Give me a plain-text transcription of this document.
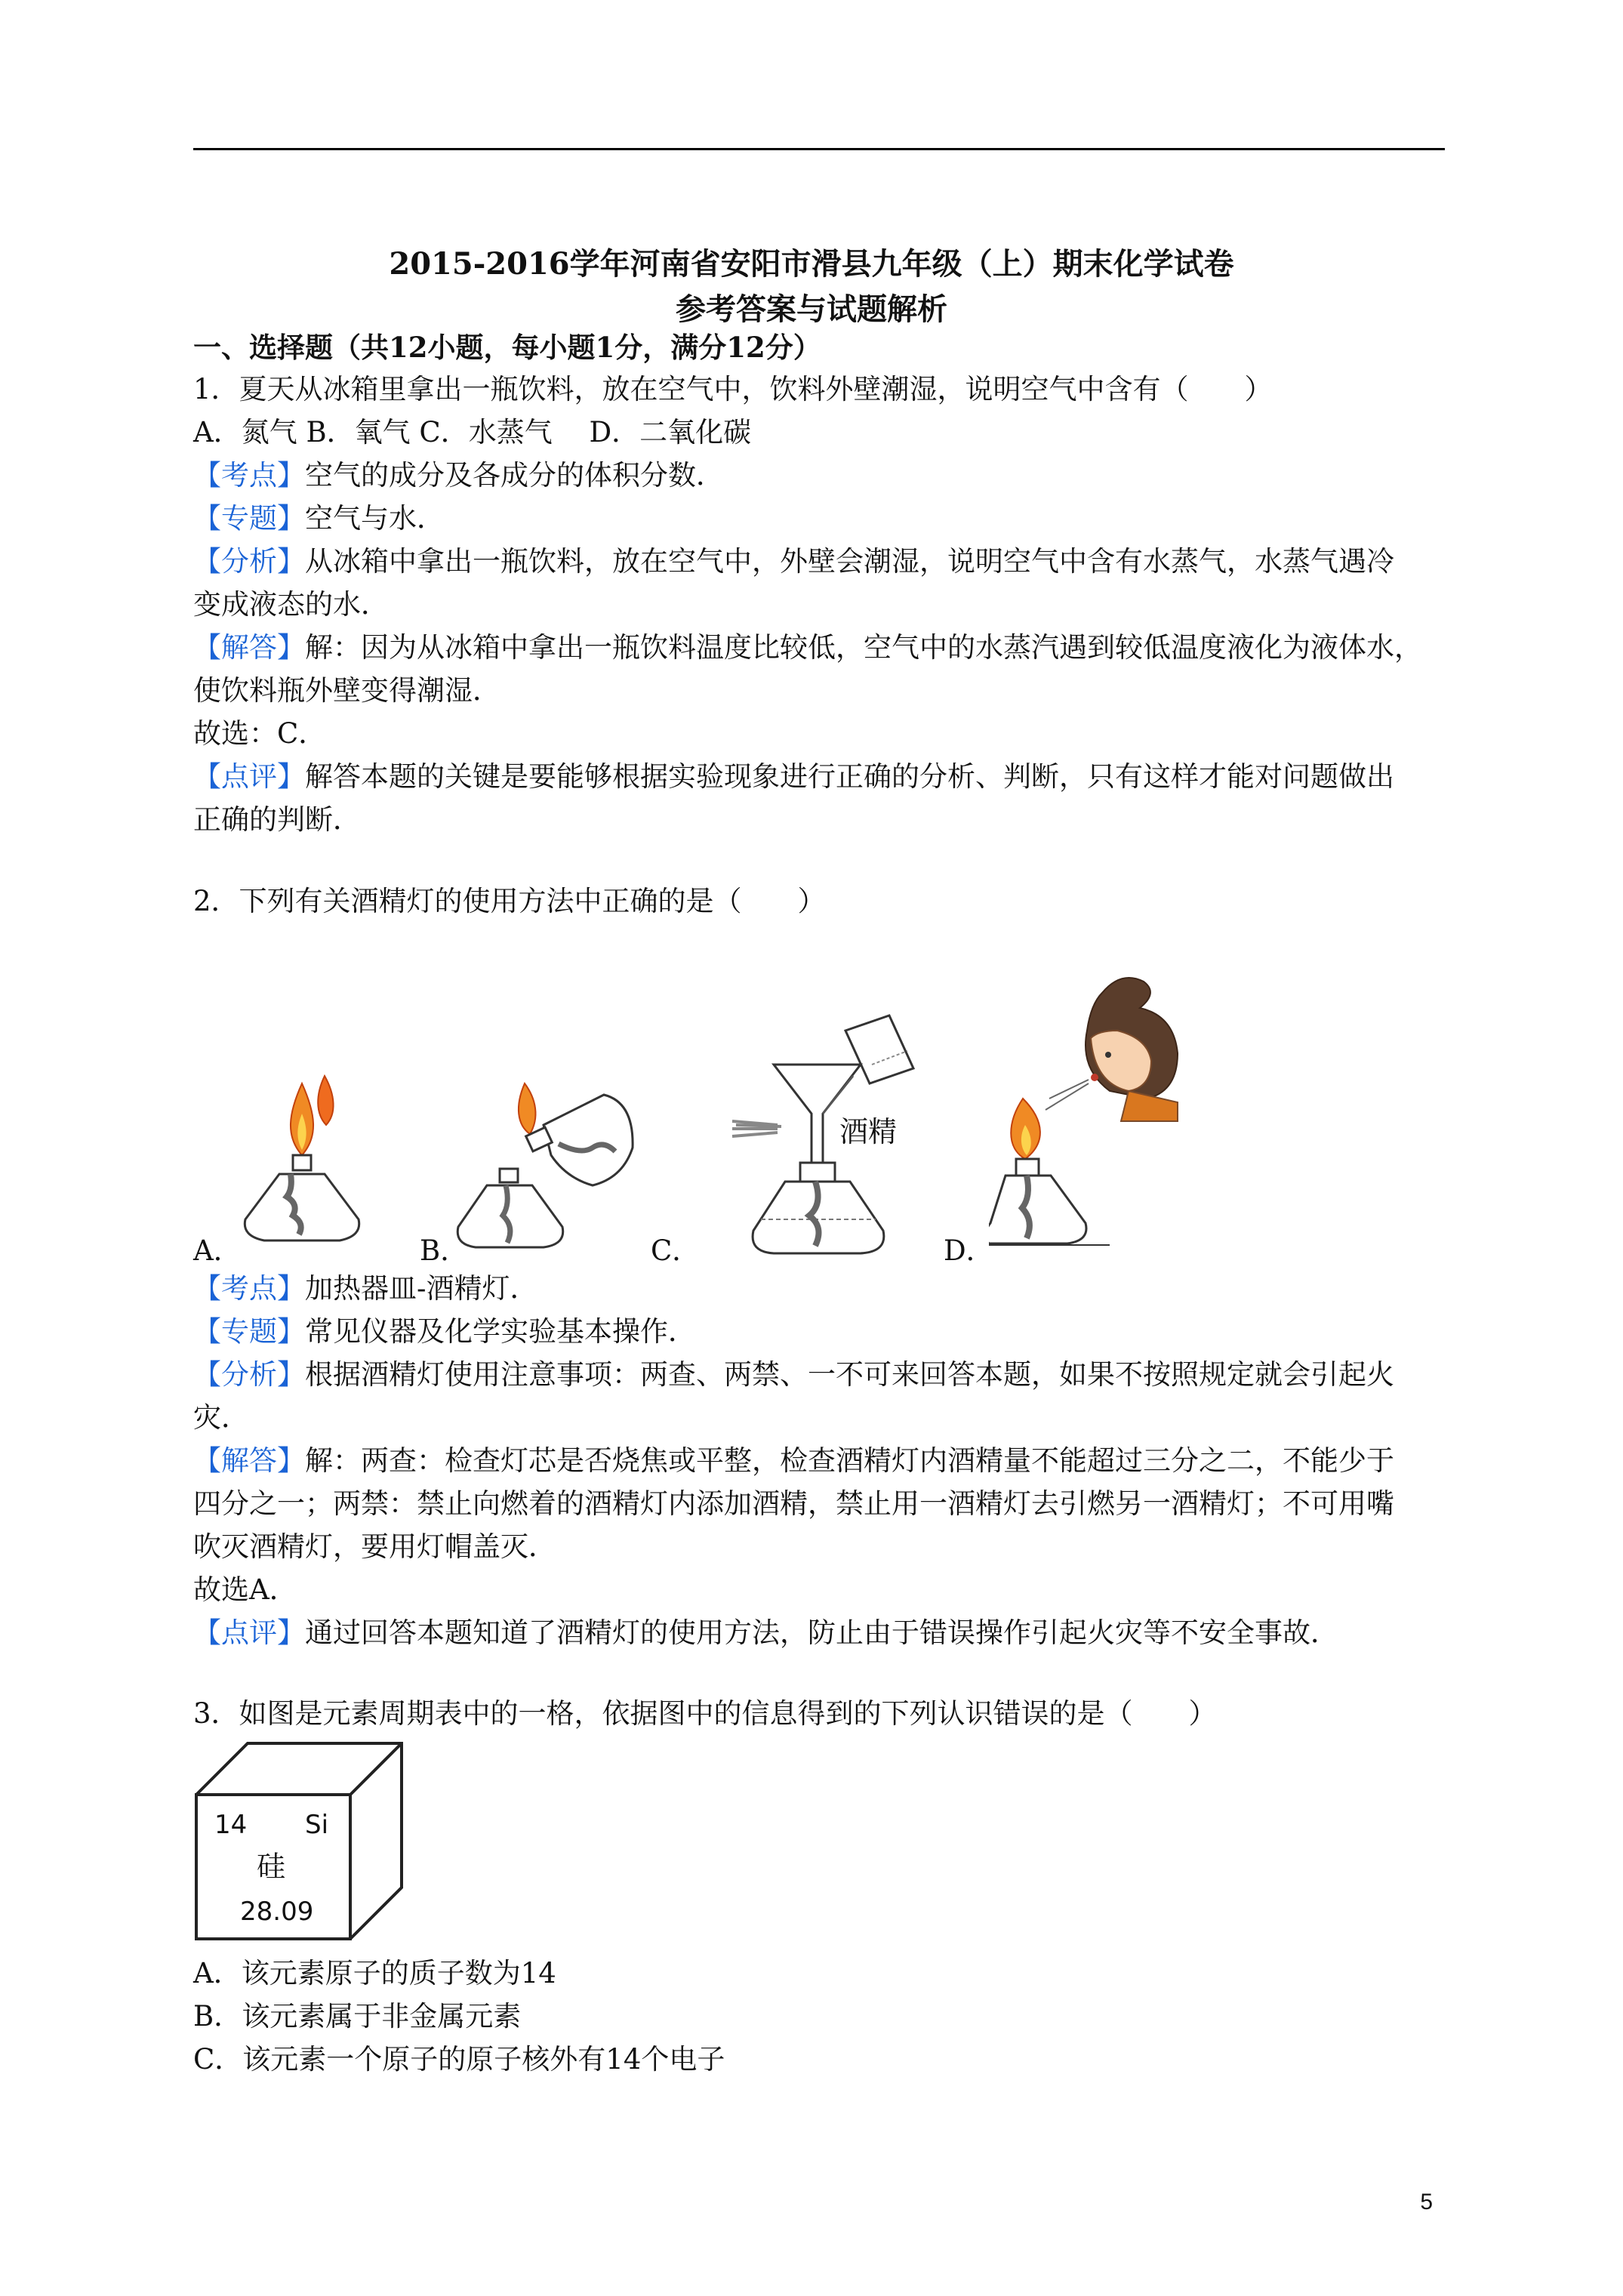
2015-2016学年河南省安阳市滑县九年级（上）期末化学试卷
参考答案与试题解析
一、选择题（共12小题，每小题1分，满分12分）
1．夏天从冰箱里拿出一瓶饮料，放在空气中，饮料外壁潮湿，说明空气中含有（　　）
A．氮气 B．氧气 C．水蒸气　 D．二氧化碳
【考点】空气的成分及各成分的体积分数．
【专题】空气与水．
【分析】从冰箱中拿出一瓶饮料，放在空气中，外壁会潮湿，说明空气中含有水蒸气，水蒸气遇冷
变成液态的水．
【解答】解：因为从冰箱中拿出一瓶饮料温度比较低，空气中的水蒸汽遇到较低温度液化为液体水，
使饮料瓶外壁变得潮湿．
故选：C．
【点评】解答本题的关键是要能够根据实验现象进行正确的分析、判断，只有这样才能对问题做出
正确的判断．
2．下列有关酒精灯的使用方法中正确的是（　　）
酒精
A．	B．	C．	D．
【考点】加热器皿-酒精灯．
【专题】常见仪器及化学实验基本操作．
【分析】根据酒精灯使用注意事项：两查、两禁、一不可来回答本题，如果不按照规定就会引起火
灾．
【解答】解：两查：检查灯芯是否烧焦或平整，检查酒精灯内酒精量不能超过三分之二，不能少于
四分之一；两禁：禁止向燃着的酒精灯内添加酒精，禁止用一酒精灯去引燃另一酒精灯；不可用嘴
吹灭酒精灯，要用灯帽盖灭．
故选A．
【点评】通过回答本题知道了酒精灯的使用方法，防止由于错误操作引起火灾等不安全事故．
3．如图是元素周期表中的一格，依据图中的信息得到的下列认识错误的是（　　）
14 Si
硅
28.09
A．该元素原子的质子数为14
B．该元素属于非金属元素
C．该元素一个原子的原子核外有14个电子
5
